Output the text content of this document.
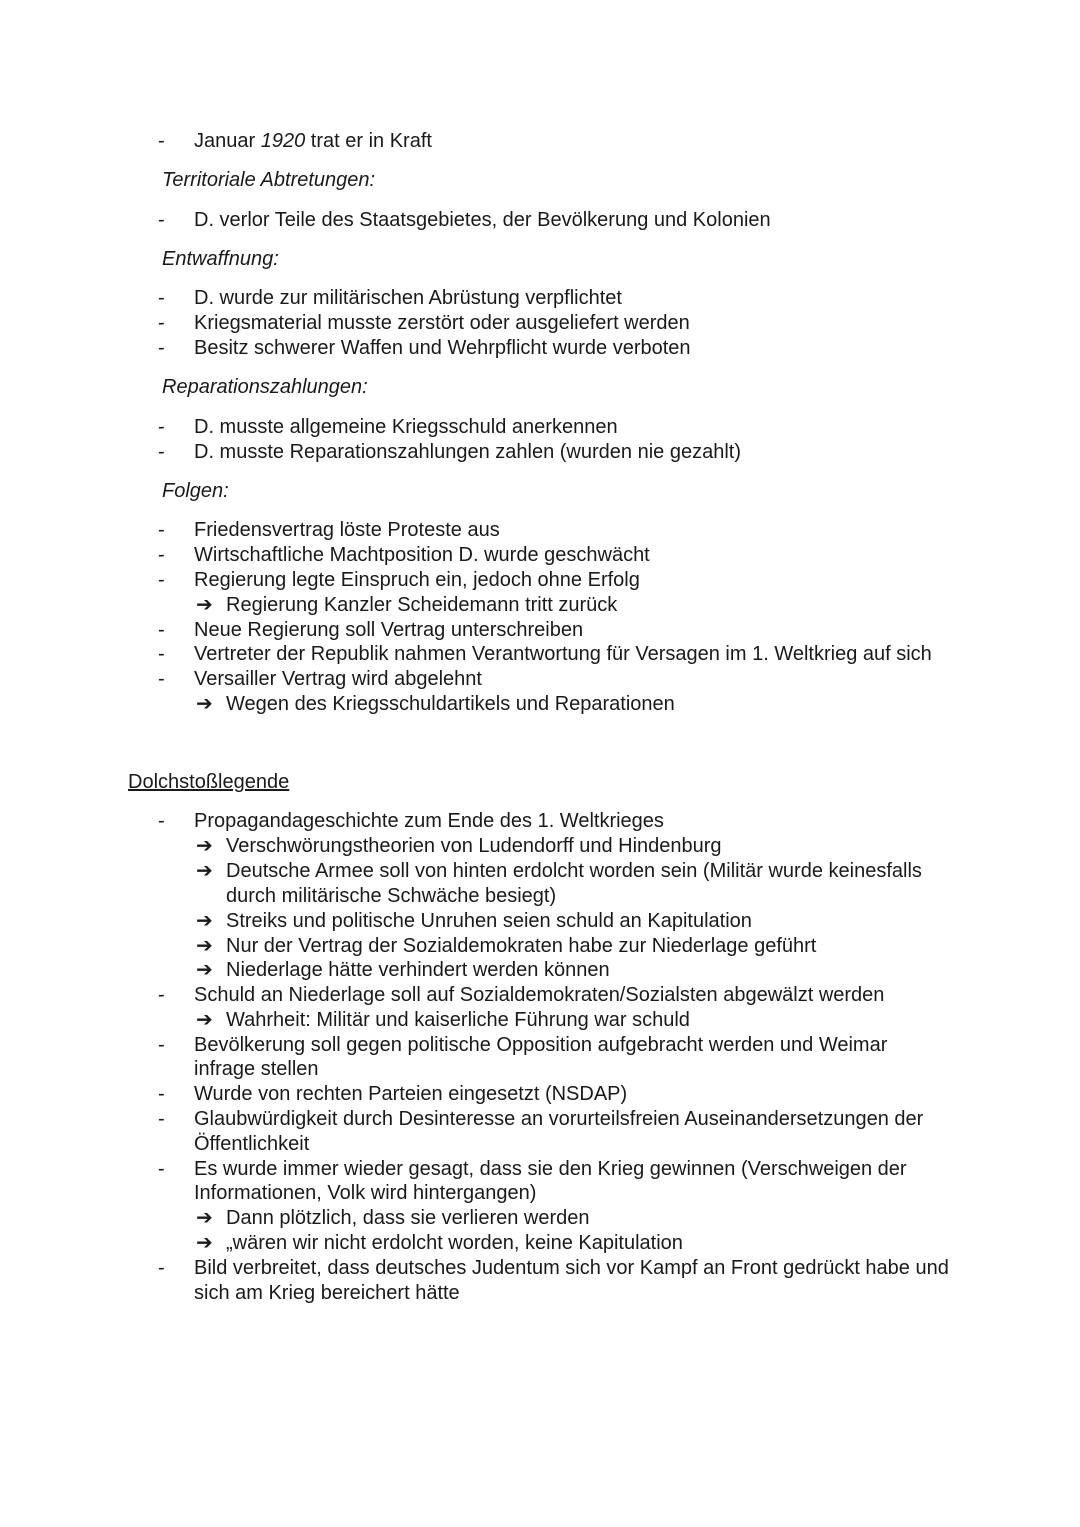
- Januar 1920 trat er in Kraft
Territoriale Abtretungen:
- D. verlor Teile des Staatsgebietes, der Bevölkerung und Kolonien
Entwaffnung:
- D. wurde zur militärischen Abrüstung verpflichtet
- Kriegsmaterial musste zerstört oder ausgeliefert werden
- Besitz schwerer Waffen und Wehrpflicht wurde verboten
Reparationszahlungen:
- D. musste allgemeine Kriegsschuld anerkennen
- D. musste Reparationszahlungen zahlen (wurden nie gezahlt)
Folgen:
- Friedensvertrag löste Proteste aus
- Wirtschaftliche Machtposition D. wurde geschwächt
- Regierung legte Einspruch ein, jedoch ohne Erfolg
➔ Regierung Kanzler Scheidemann tritt zurück
- Neue Regierung soll Vertrag unterschreiben
- Vertreter der Republik nahmen Verantwortung für Versagen im 1. Weltkrieg auf sich
- Versailler Vertrag wird abgelehnt
➔ Wegen des Kriegsschuldartikels und Reparationen
Dolchstoßlegende
- Propagandageschichte zum Ende des 1. Weltkrieges
➔ Verschwörungstheorien von Ludendorff und Hindenburg
➔ Deutsche Armee soll von hinten erdolcht worden sein (Militär wurde keinesfalls
durch militärische Schwäche besiegt)
➔ Streiks und politische Unruhen seien schuld an Kapitulation
➔ Nur der Vertrag der Sozialdemokraten habe zur Niederlage geführt
➔ Niederlage hätte verhindert werden können
- Schuld an Niederlage soll auf Sozialdemokraten/Sozialsten abgewälzt werden
➔ Wahrheit: Militär und kaiserliche Führung war schuld
- Bevölkerung soll gegen politische Opposition aufgebracht werden und Weimar
infrage stellen
- Wurde von rechten Parteien eingesetzt (NSDAP)
- Glaubwürdigkeit durch Desinteresse an vorurteilsfreien Auseinandersetzungen der
Öffentlichkeit
- Es wurde immer wieder gesagt, dass sie den Krieg gewinnen (Verschweigen der
Informationen, Volk wird hintergangen)
➔ Dann plötzlich, dass sie verlieren werden
➔ „wären wir nicht erdolcht worden, keine Kapitulation
- Bild verbreitet, dass deutsches Judentum sich vor Kampf an Front gedrückt habe und
sich am Krieg bereichert hätte
